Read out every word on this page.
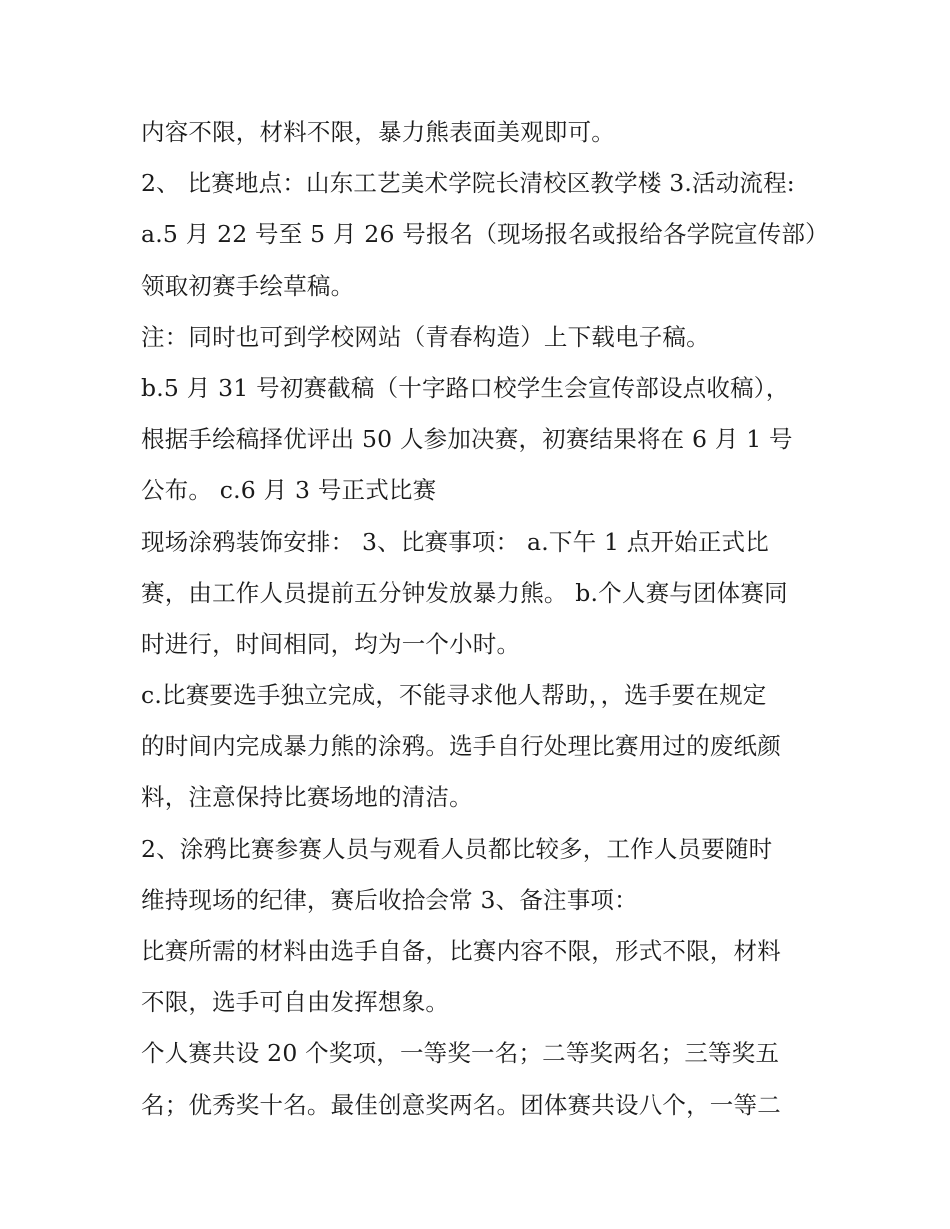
内容不限，材料不限，暴力熊表面美观即可。
2、 比赛地点：山东工艺美术学院长清校区教学楼 3.活动流程:
a.5 月 22 号至 5 月 26 号报名（现场报名或报给各学院宣传部）
领取初赛手绘草稿。
注：同时也可到学校网站（青春构造）上下载电子稿。
b.5 月 31 号初赛截稿（十字路口校学生会宣传部设点收稿），
根据手绘稿择优评出 50 人参加决赛，初赛结果将在 6 月 1 号
公布。 c.6 月 3 号正式比赛
现场涂鸦装饰安排： 3、比赛事项： a.下午 1 点开始正式比
赛，由工作人员提前五分钟发放暴力熊。 b.个人赛与团体赛同
时进行，时间相同，均为一个小时。
c.比赛要选手独立完成，不能寻求他人帮助，，选手要在规定
的时间内完成暴力熊的涂鸦。选手自行处理比赛用过的废纸颜
料，注意保持比赛场地的清洁。
2、涂鸦比赛参赛人员与观看人员都比较多，工作人员要随时
维持现场的纪律，赛后收拾会常 3、备注事项：
比赛所需的材料由选手自备，比赛内容不限，形式不限，材料
不限，选手可自由发挥想象。
个人赛共设 20 个奖项，一等奖一名；二等奖两名；三等奖五
名；优秀奖十名。最佳创意奖两名。团体赛共设八个，一等二
